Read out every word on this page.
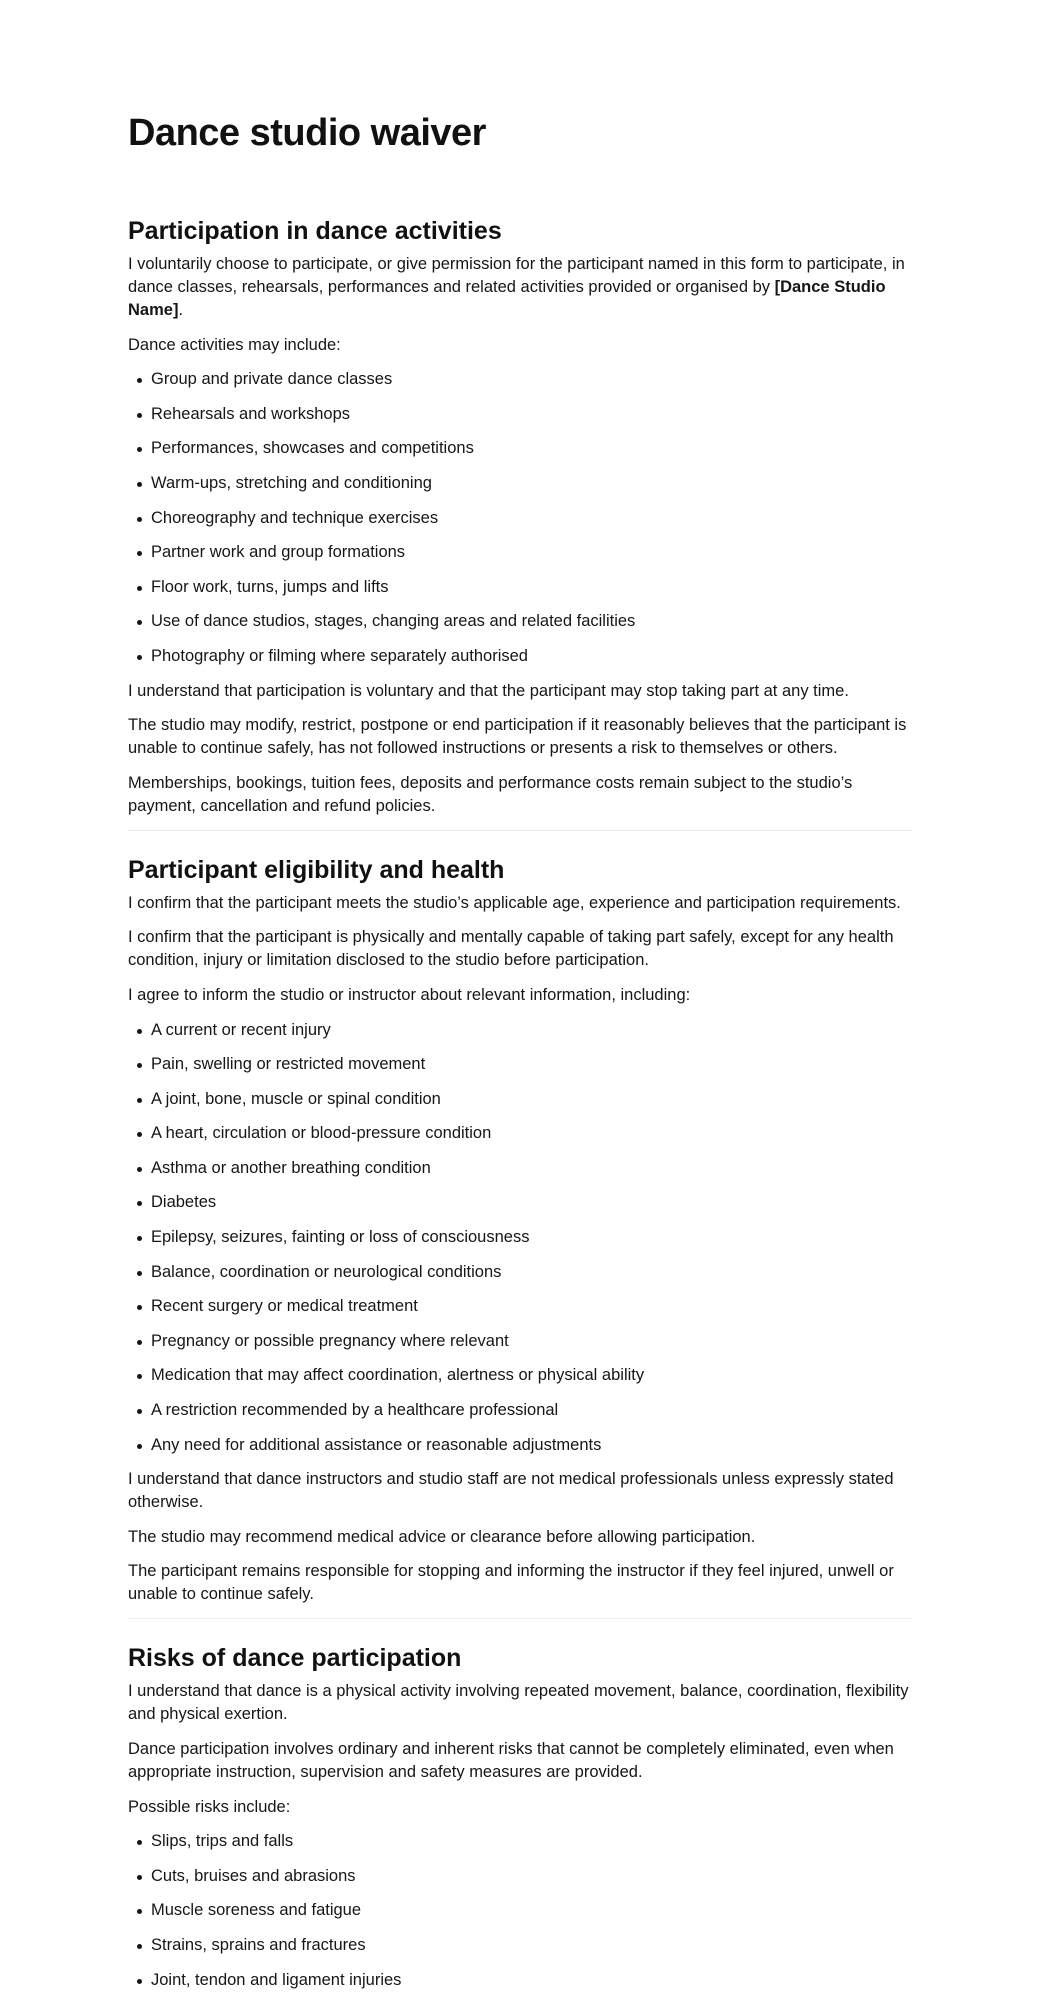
Dance studio waiver
Participation in dance activities

I voluntarily choose to participate, or give permission for the participant named in this form to participate, in dance classes, rehearsals, performances and related activities provided or organised by [Dance Studio Name].

Dance activities may include:

Group and private dance classes
Rehearsals and workshops
Performances, showcases and competitions
Warm-ups, stretching and conditioning
Choreography and technique exercises
Partner work and group formations
Floor work, turns, jumps and lifts
Use of dance studios, stages, changing areas and related facilities
Photography or filming where separately authorised

I understand that participation is voluntary and that the participant may stop taking part at any time.

The studio may modify, restrict, postpone or end participation if it reasonably believes that the participant is unable to continue safely, has not followed instructions or presents a risk to themselves or others.

Memberships, bookings, tuition fees, deposits and performance costs remain subject to the studio’s payment, cancellation and refund policies.

Participant eligibility and health

I confirm that the participant meets the studio’s applicable age, experience and participation requirements.

I confirm that the participant is physically and mentally capable of taking part safely, except for any health condition, injury or limitation disclosed to the studio before participation.

I agree to inform the studio or instructor about relevant information, including:

A current or recent injury
Pain, swelling or restricted movement
A joint, bone, muscle or spinal condition
A heart, circulation or blood-pressure condition
Asthma or another breathing condition
Diabetes
Epilepsy, seizures, fainting or loss of consciousness
Balance, coordination or neurological conditions
Recent surgery or medical treatment
Pregnancy or possible pregnancy where relevant
Medication that may affect coordination, alertness or physical ability
A restriction recommended by a healthcare professional
Any need for additional assistance or reasonable adjustments

I understand that dance instructors and studio staff are not medical professionals unless expressly stated otherwise.

The studio may recommend medical advice or clearance before allowing participation.

The participant remains responsible for stopping and informing the instructor if they feel injured, unwell or unable to continue safely.

Risks of dance participation

I understand that dance is a physical activity involving repeated movement, balance, coordination, flexibility and physical exertion.

Dance participation involves ordinary and inherent risks that cannot be completely eliminated, even when appropriate instruction, supervision and safety measures are provided.

Possible risks include:

Slips, trips and falls
Cuts, bruises and abrasions
Muscle soreness and fatigue
Strains, sprains and fractures
Joint, tendon and ligament injuries
